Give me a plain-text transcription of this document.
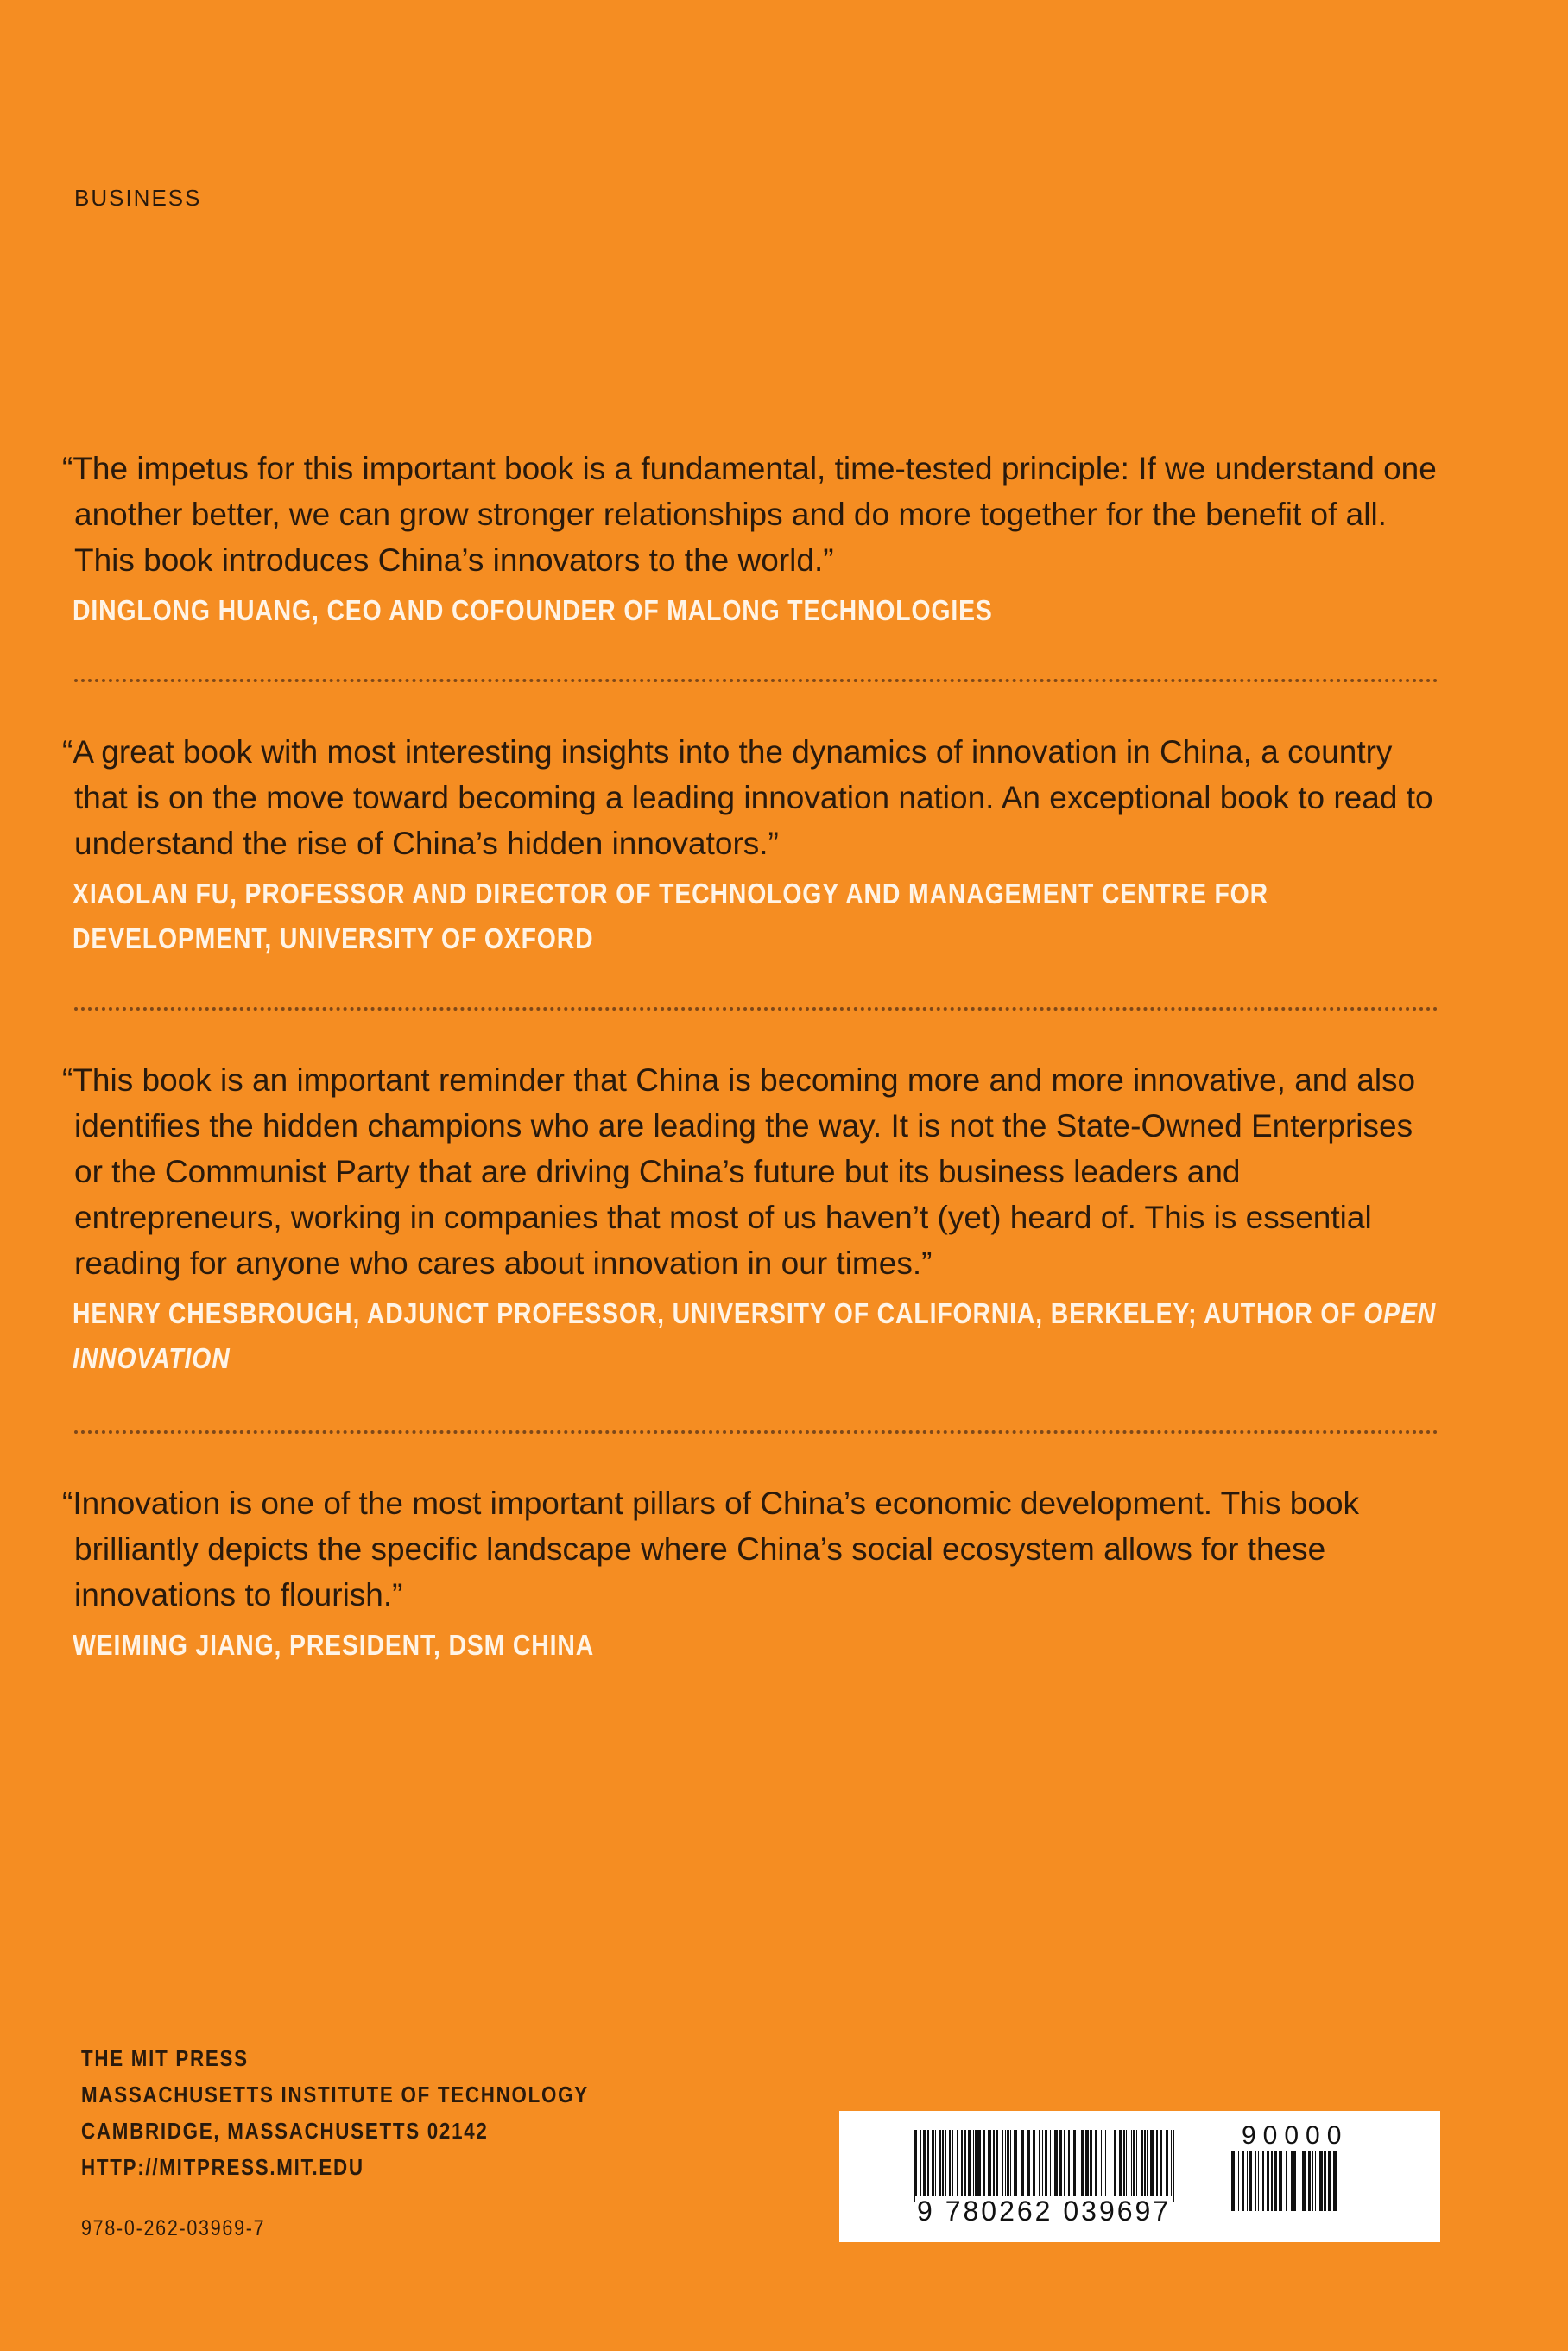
BUSINESS

“The impetus for this important book is a fundamental, time-tested principle: If we understand one another better, we can grow stronger relationships and do more together for the benefit of all. This book introduces China’s innovators to the world.”

DINGLONG HUANG, CEO AND COFOUNDER OF MALONG TECHNOLOGIES

“A great book with most interesting insights into the dynamics of innovation in China, a country that is on the move toward becoming a leading innovation nation. An exceptional book to read to understand the rise of China’s hidden innovators.”

XIAOLAN FU, PROFESSOR AND DIRECTOR OF TECHNOLOGY AND MANAGEMENT CENTRE FOR DEVELOPMENT, UNIVERSITY OF OXFORD

“This book is an important reminder that China is becoming more and more innovative, and also identifies the hidden champions who are leading the way. It is not the State-Owned Enterprises or the Communist Party that are driving China’s future but its business leaders and entrepreneurs, working in companies that most of us haven’t (yet) heard of. This is essential reading for anyone who cares about innovation in our times.”

HENRY CHESBROUGH, ADJUNCT PROFESSOR, UNIVERSITY OF CALIFORNIA, BERKELEY; AUTHOR OF OPEN INNOVATION

“Innovation is one of the most important pillars of China’s economic development. This book brilliantly depicts the specific landscape where China’s social ecosystem allows for these innovations to flourish.”

WEIMING JIANG, PRESIDENT, DSM CHINA
THE MIT PRESS
MASSACHUSETTS INSTITUTE OF TECHNOLOGY
CAMBRIDGE, MASSACHUSETTS 02142
HTTP://MITPRESS.MIT.EDU
978-0-262-03969-7
9 780262 039697
90000
